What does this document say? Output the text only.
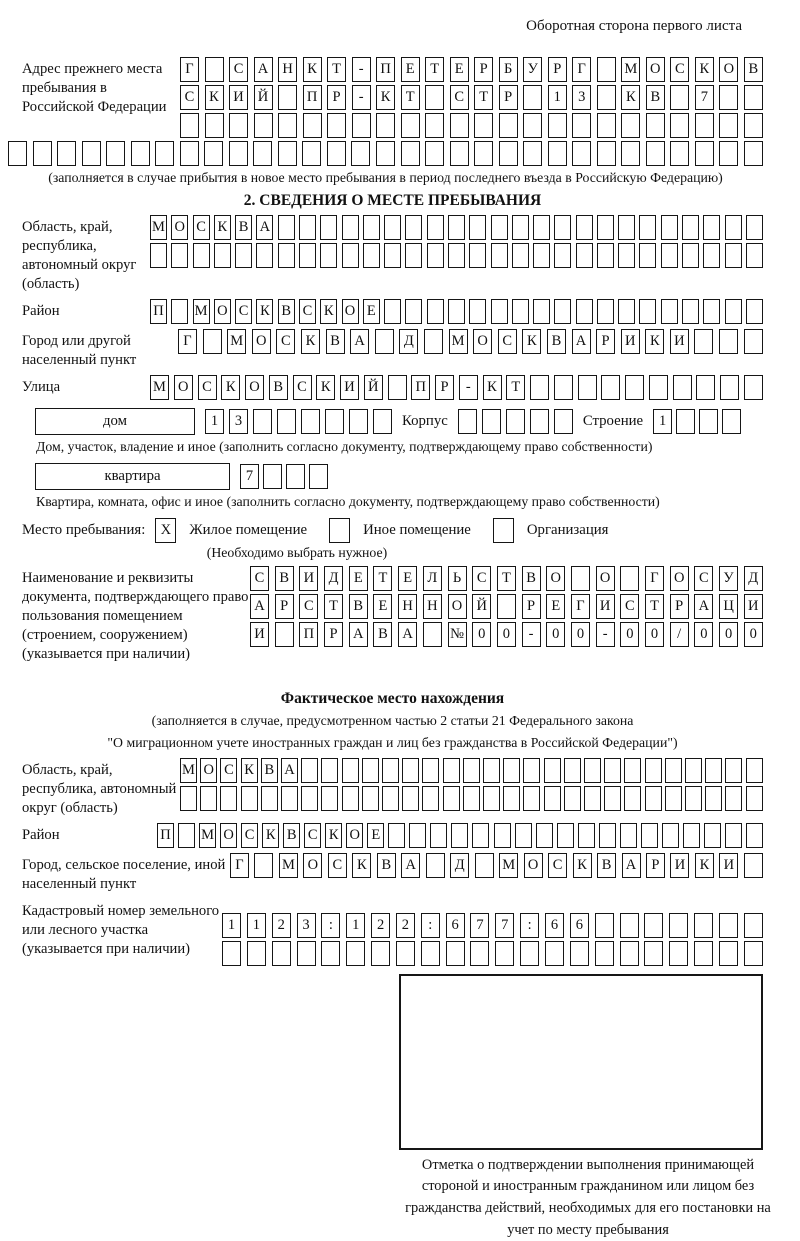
Оборотная сторона первого листа
Адрес прежнего места пребывания в Российской Федерации
Г	С А Н К	Т	-	П	Е	Т	Е	Р	Б	У	Р	Г	М О С	К О В
С	К И Й	П	Р	-	К	Т	С	Т	Р	1	3	К	В	7
(заполняется в случае прибытия в новое место пребывания в период последнего въезда в Российскую Федерацию)
2. СВЕДЕНИЯ О МЕСТЕ ПРЕБЫВАНИЯ
Область, край, республика, автономный округ (область)
М О С К В А
Район	П М О С К В С К О Е
Город или другой населенный пункт
Г	М О	С	К	В	А	Д	М О	С	К	В	А	Р	И	К	И
Улица	М О С К О В С К И Й	П Р	-	К Т
дом	1	3	Корпус	Строение	1
Дом, участок, владение и иное (заполнить согласно документу, подтверждающему право собственности)
квартира	7
Квартира, комната, офис и иное (заполнить согласно документу, подтверждающему право собственности)
Место пребывания:	X	Жилое помещение	Иное помещение	Организация
(Необходимо выбрать нужное)
Наименование и реквизиты документа, подтверждающего право пользования помещением (строением, сооружением) (указывается при наличии)
С	В	И	Д	Е	Т	Е	Л	Ь	С	Т	В	О	О	Г	О	С	У	Д
А	Р	С	Т	В	Е	Н Н О Й	Р	Е	Г	И	С	Т	Р	А Ц И
И	П	Р	А	В	А	№ 0	0	-	0	0	-	0	0	/	0	0	0
Фактическое место нахождения
(заполняется в случае, предусмотренном частью 2 статьи 21 Федерального закона
"О миграционном учете иностранных граждан и лиц без гражданства в Российской Федерации")
Область, край, республика, автономный округ (область)
М О С К В А
Район	П М О С К В С К О Е
Город, сельское поселение, иной населенный пункт
Г	М О С	К	В А	Д	М О С	К	В А	Р	И К И
Кадастровый номер земельного или лесного участка (указывается при наличии)
1	1	2	3	:	1	2	2	:	6	7	7	:	6	6
Отметка о подтверждении выполнения принимающей стороной и иностранным гражданином или лицом без гражданства действий, необходимых для его постановки на учет по месту пребывания
